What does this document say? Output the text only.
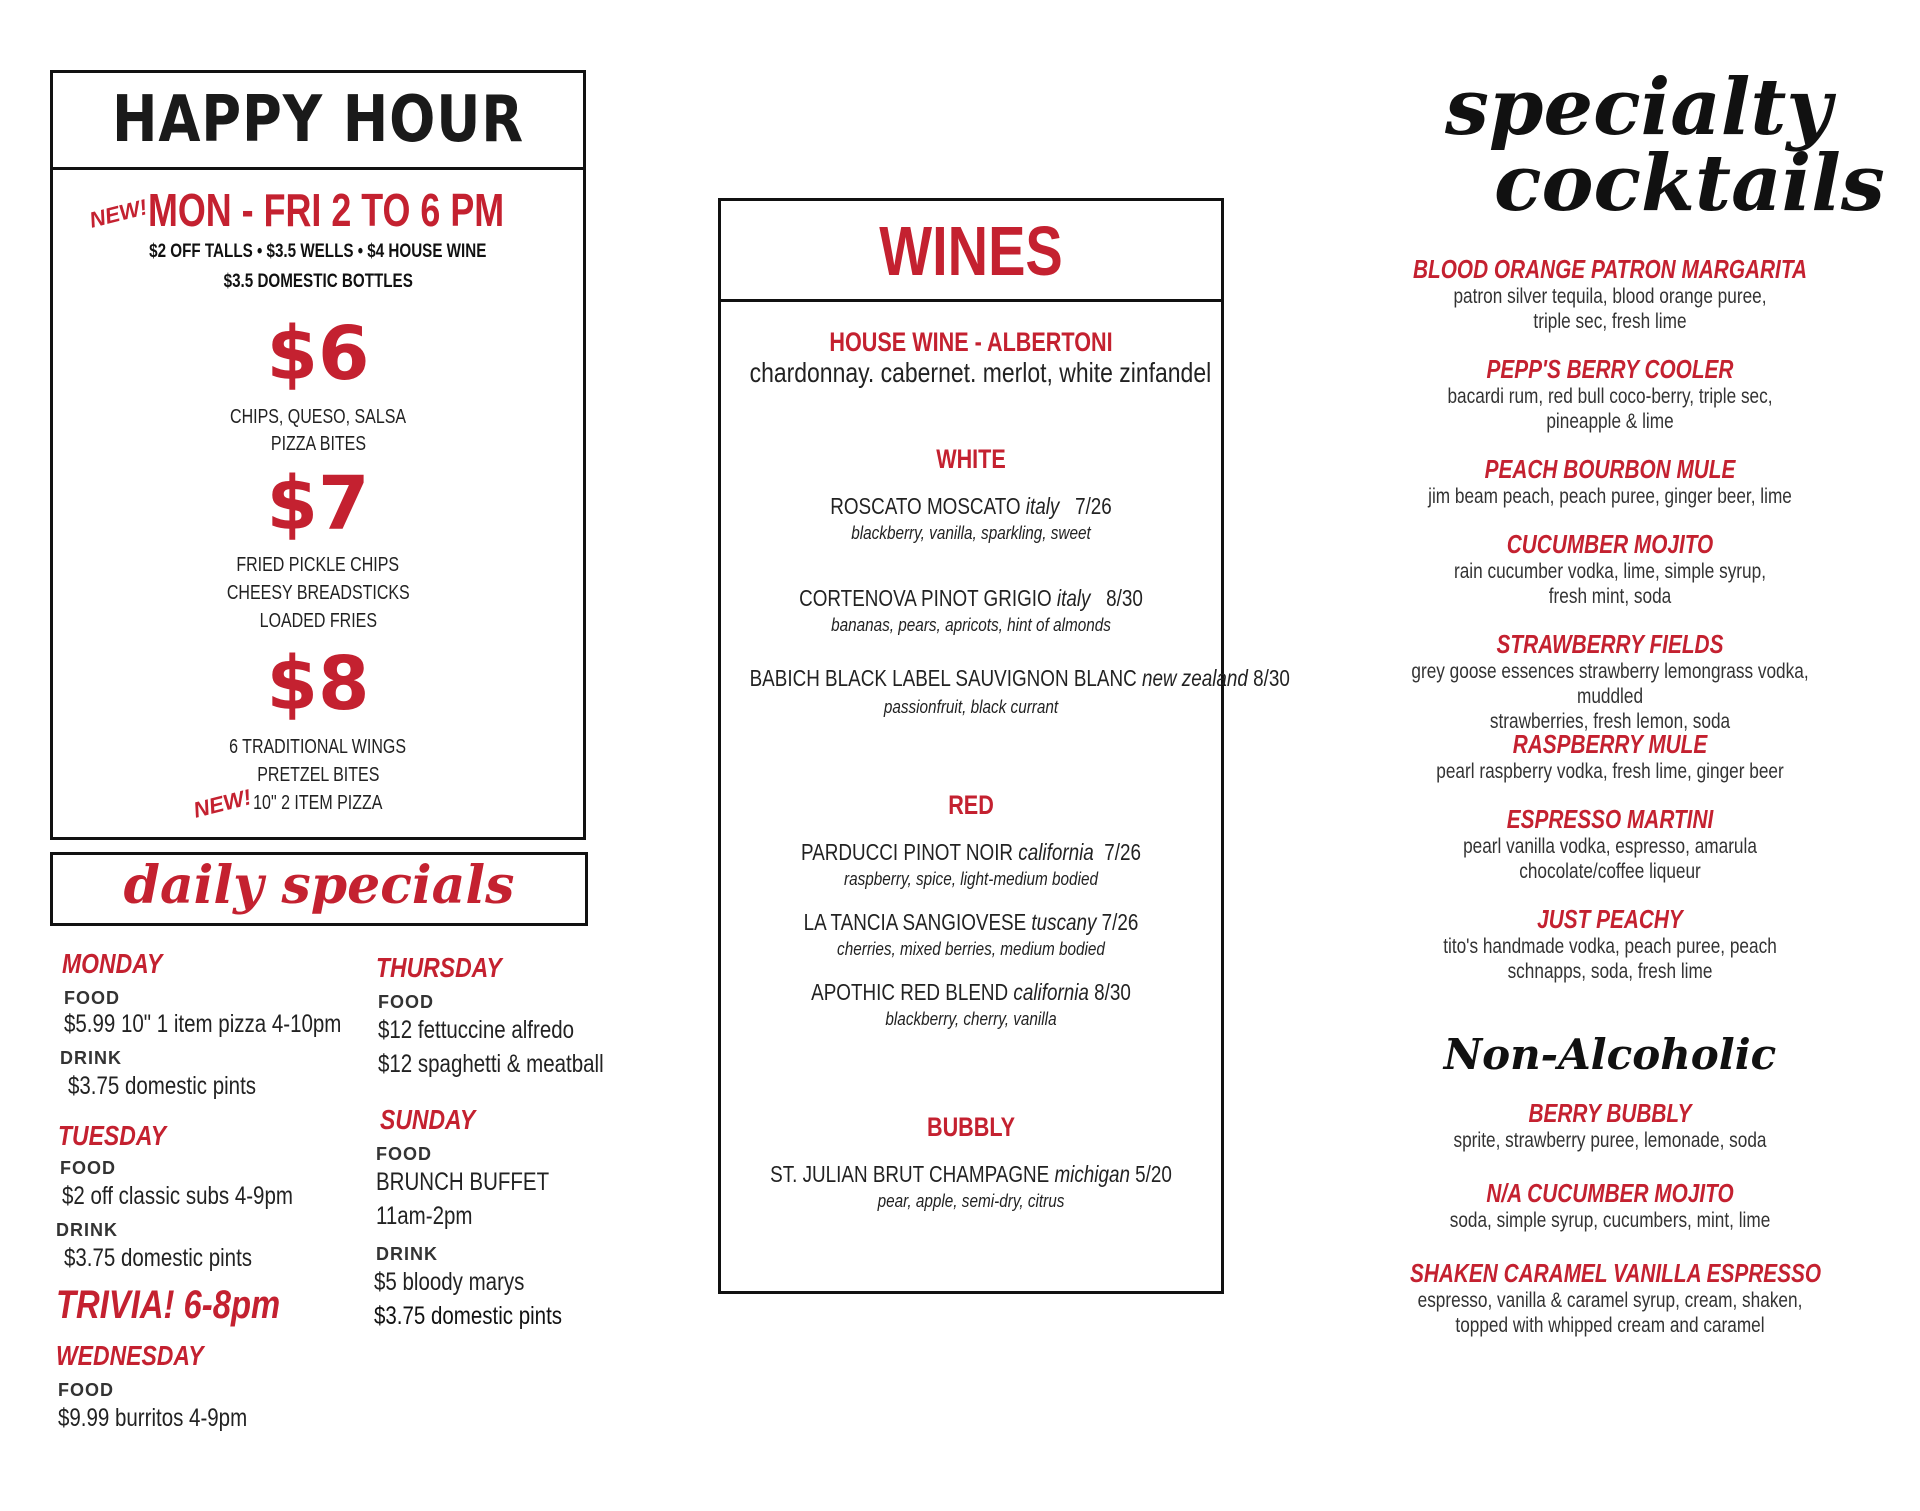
HAPPY HOUR
NEW!
MON - FRI 2 TO 6 PM
$2 OFF TALLS • $3.5 WELLS • $4 HOUSE WINE
$3.5 DOMESTIC BOTTLES
$6
CHIPS, QUESO, SALSA
PIZZA BITES
$7
FRIED PICKLE CHIPS
CHEESY BREADSTICKS
LOADED FRIES
$8
6 TRADITIONAL WINGS
PRETZEL BITES
10" 2 ITEM PIZZA
NEW!
daily specials
MONDAY
FOOD
$5.99 10" 1 item pizza 4-10pm
DRINK
$3.75 domestic pints
TUESDAY
FOOD
$2 off classic subs 4-9pm
DRINK
$3.75 domestic pints
TRIVIA! 6-8pm
WEDNESDAY
FOOD
$9.99 burritos 4-9pm
THURSDAY
FOOD
$12 fettuccine alfredo
$12 spaghetti & meatball
SUNDAY
FOOD
BRUNCH BUFFET
11am-2pm
DRINK
$5 bloody marys
$3.75 domestic pints
WINES
HOUSE WINE - ALBERTONI
chardonnay. cabernet. merlot, white zinfandel
WHITE
ROSCATO MOSCATO italy 7/26
blackberry, vanilla, sparkling, sweet
CORTENOVA PINOT GRIGIO italy 8/30
bananas, pears, apricots, hint of almonds
BABICH BLACK LABEL SAUVIGNON BLANC new zealand 8/30
passionfruit, black currant
RED
PARDUCCI PINOT NOIR california 7/26
raspberry, spice, light-medium bodied
LA TANCIA SANGIOVESE tuscany 7/26
cherries, mixed berries, medium bodied
APOTHIC RED BLEND california 8/30
blackberry, cherry, vanilla
BUBBLY
ST. JULIAN BRUT CHAMPAGNE michigan 5/20
pear, apple, semi-dry, citrus
specialty
cocktails
BLOOD ORANGE PATRON MARGARITA
patron silver tequila, blood orange puree,
triple sec, fresh lime
PEPP'S BERRY COOLER
bacardi rum, red bull coco-berry, triple sec,
pineapple & lime
PEACH BOURBON MULE
jim beam peach, peach puree, ginger beer, lime
CUCUMBER MOJITO
rain cucumber vodka, lime, simple syrup,
fresh mint, soda
STRAWBERRY FIELDS
grey goose essences strawberry lemongrass vodka, muddled
strawberries, fresh lemon, soda
RASPBERRY MULE
pearl raspberry vodka, fresh lime, ginger beer
ESPRESSO MARTINI
pearl vanilla vodka, espresso, amarula
chocolate/coffee liqueur
JUST PEACHY
tito's handmade vodka, peach puree, peach
schnapps, soda, fresh lime
Non-Alcoholic
BERRY BUBBLY
sprite, strawberry puree, lemonade, soda
N/A CUCUMBER MOJITO
soda, simple syrup, cucumbers, mint, lime
SHAKEN CARAMEL VANILLA ESPRESSO
espresso, vanilla & caramel syrup, cream, shaken,
topped with whipped cream and caramel
